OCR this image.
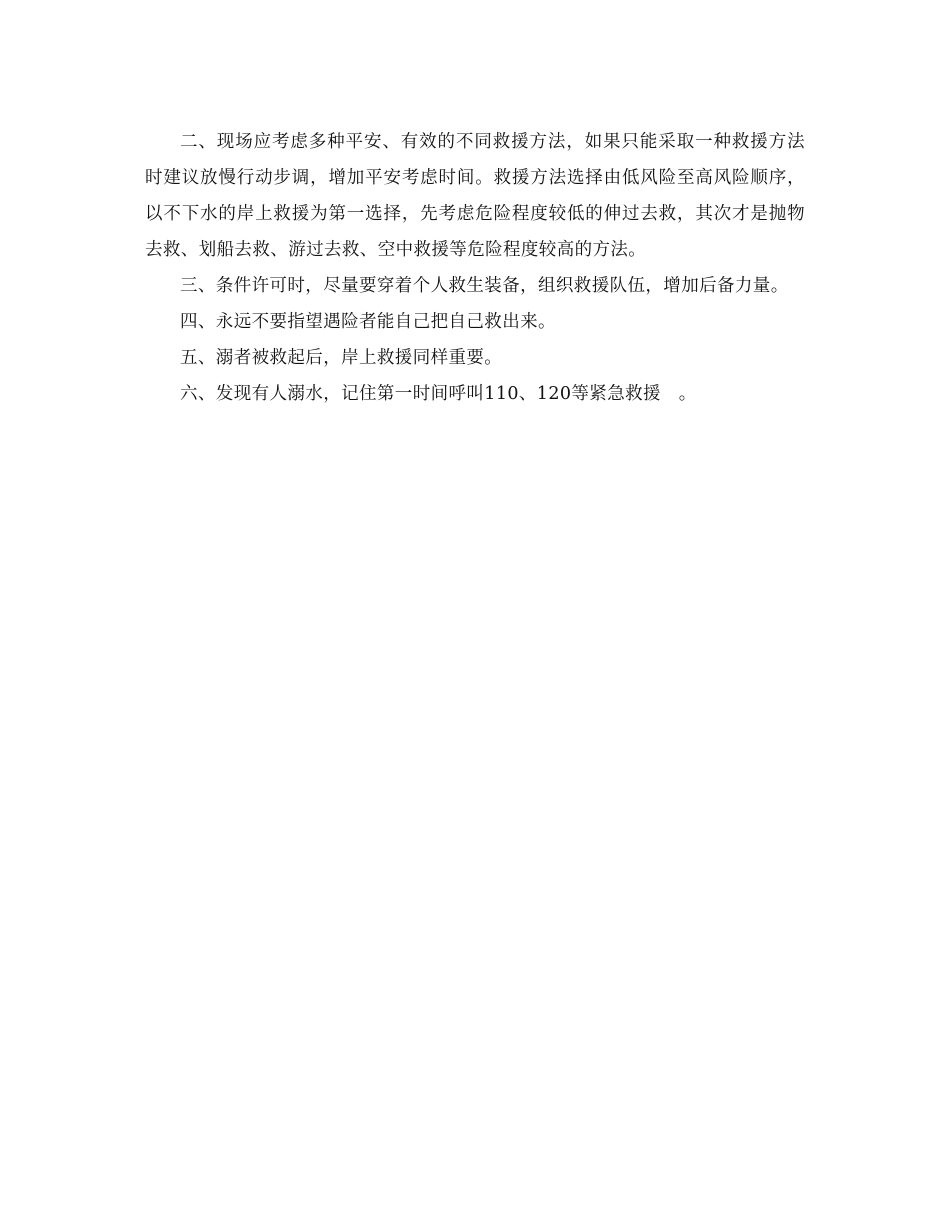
二、现场应考虑多种平安、有效的不同救援方法，如果只能采取一种救援方法时建议放慢行动步调，增加平安考虑时间。救援方法选择由低风险至高风险顺序，以不下水的岸上救援为第一选择，先考虑危险程度较低的伸过去救，其次才是抛物去救、划船去救、游过去救、空中救援等危险程度较高的方法。

三、条件许可时，尽量要穿着个人救生装备，组织救援队伍，增加后备力量。

四、永远不要指望遇险者能自己把自己救出来。

五、溺者被救起后，岸上救援同样重要。

六、发现有人溺水，记住第一时间呼叫110、120等紧急救援　。
